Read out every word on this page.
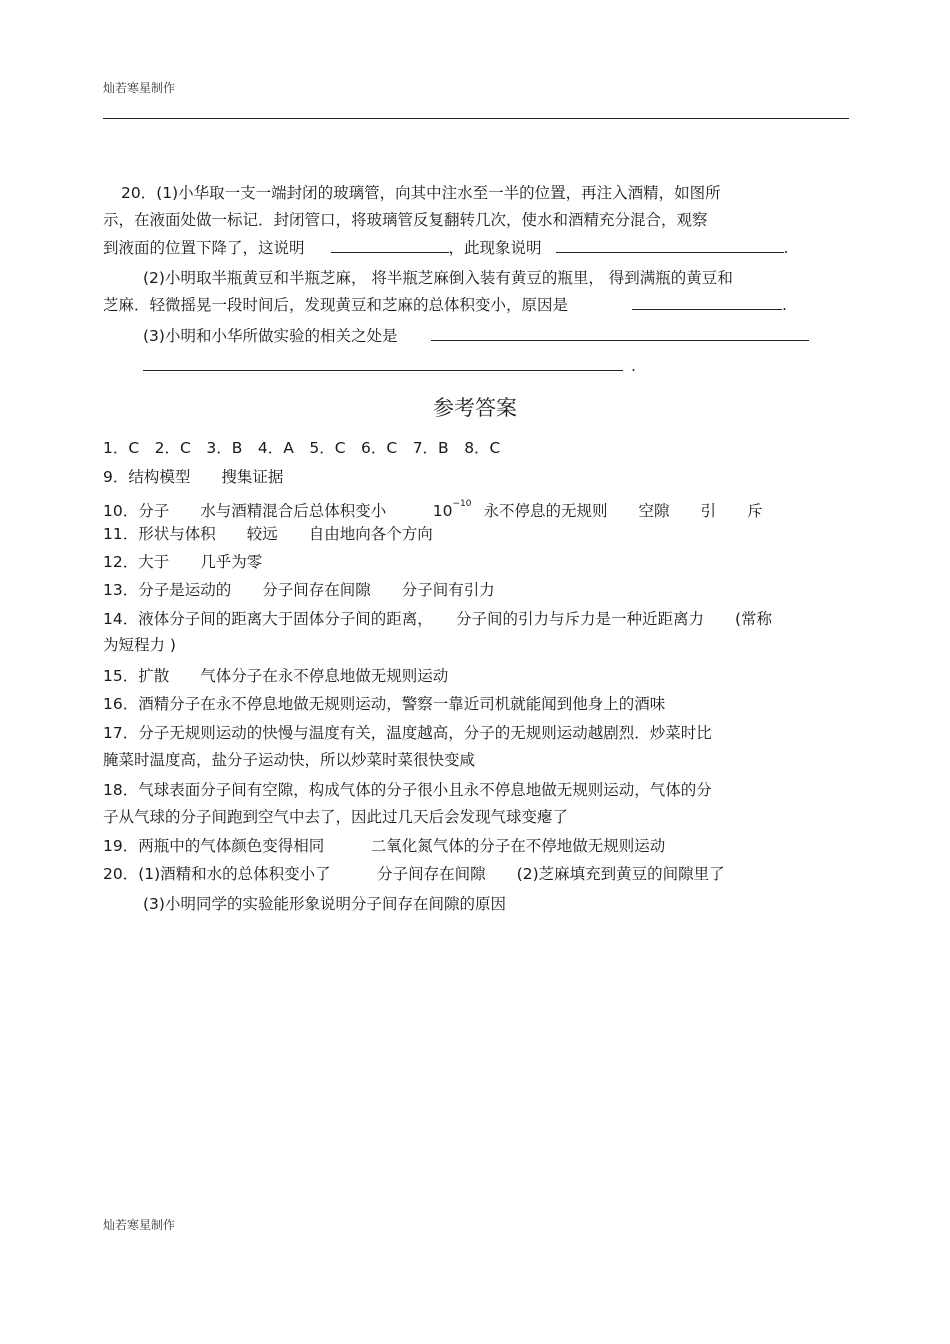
灿若寒星制作
20．(1)小华取一支一端封闭的玻璃管，向其中注水至一半的位置，再注入酒精，如图所
示，在液面处做一标记．封闭管口，将玻璃管反复翻转几次，使水和酒精充分混合，观察
到液面的位置下降了，这说明	，此现象说明	.
(2)小明取半瓶黄豆和半瓶芝麻， 将半瓶芝麻倒入装有黄豆的瓶里， 得到满瓶的黄豆和
芝麻．轻微摇晃一段时间后，发现黄豆和芝麻的总体积变小，原因是	.
(3)小明和小华所做实验的相关之处是
.
参考答案
1．C　2．C　3．B　4．A　5．C　6．C　7．B　8．C
9．结构模型　　搜集证据
10．分子　　水与酒精混合后总体积变小　　　$10^{-10}$ 永不停息的无规则　　空隙　　引　　斥
11．形状与体积　　较远　　自由地向各个方向
12．大于　　几乎为零
13．分子是运动的　　分子间存在间隙　　分子间有引力
14．液体分子间的距离大于固体分子间的距离，　　分子间的引力与斥力是一种近距离力　　(常称
为短程力 )
15．扩散　　气体分子在永不停息地做无规则运动
16．酒精分子在永不停息地做无规则运动，警察一靠近司机就能闻到他身上的酒味
17．分子无规则运动的快慢与温度有关，温度越高，分子的无规则运动越剧烈．炒菜时比
腌菜时温度高，盐分子运动快，所以炒菜时菜很快变咸
18．气球表面分子间有空隙，构成气体的分子很小且永不停息地做无规则运动，气体的分
子从气球的分子间跑到空气中去了，因此过几天后会发现气球变瘪了
19．两瓶中的气体颜色变得相同　　　二氧化氮气体的分子在不停地做无规则运动
20．(1)酒精和水的总体积变小了　　　分子间存在间隙　　(2)芝麻填充到黄豆的间隙里了
(3)小明同学的实验能形象说明分子间存在间隙的原因
灿若寒星制作
